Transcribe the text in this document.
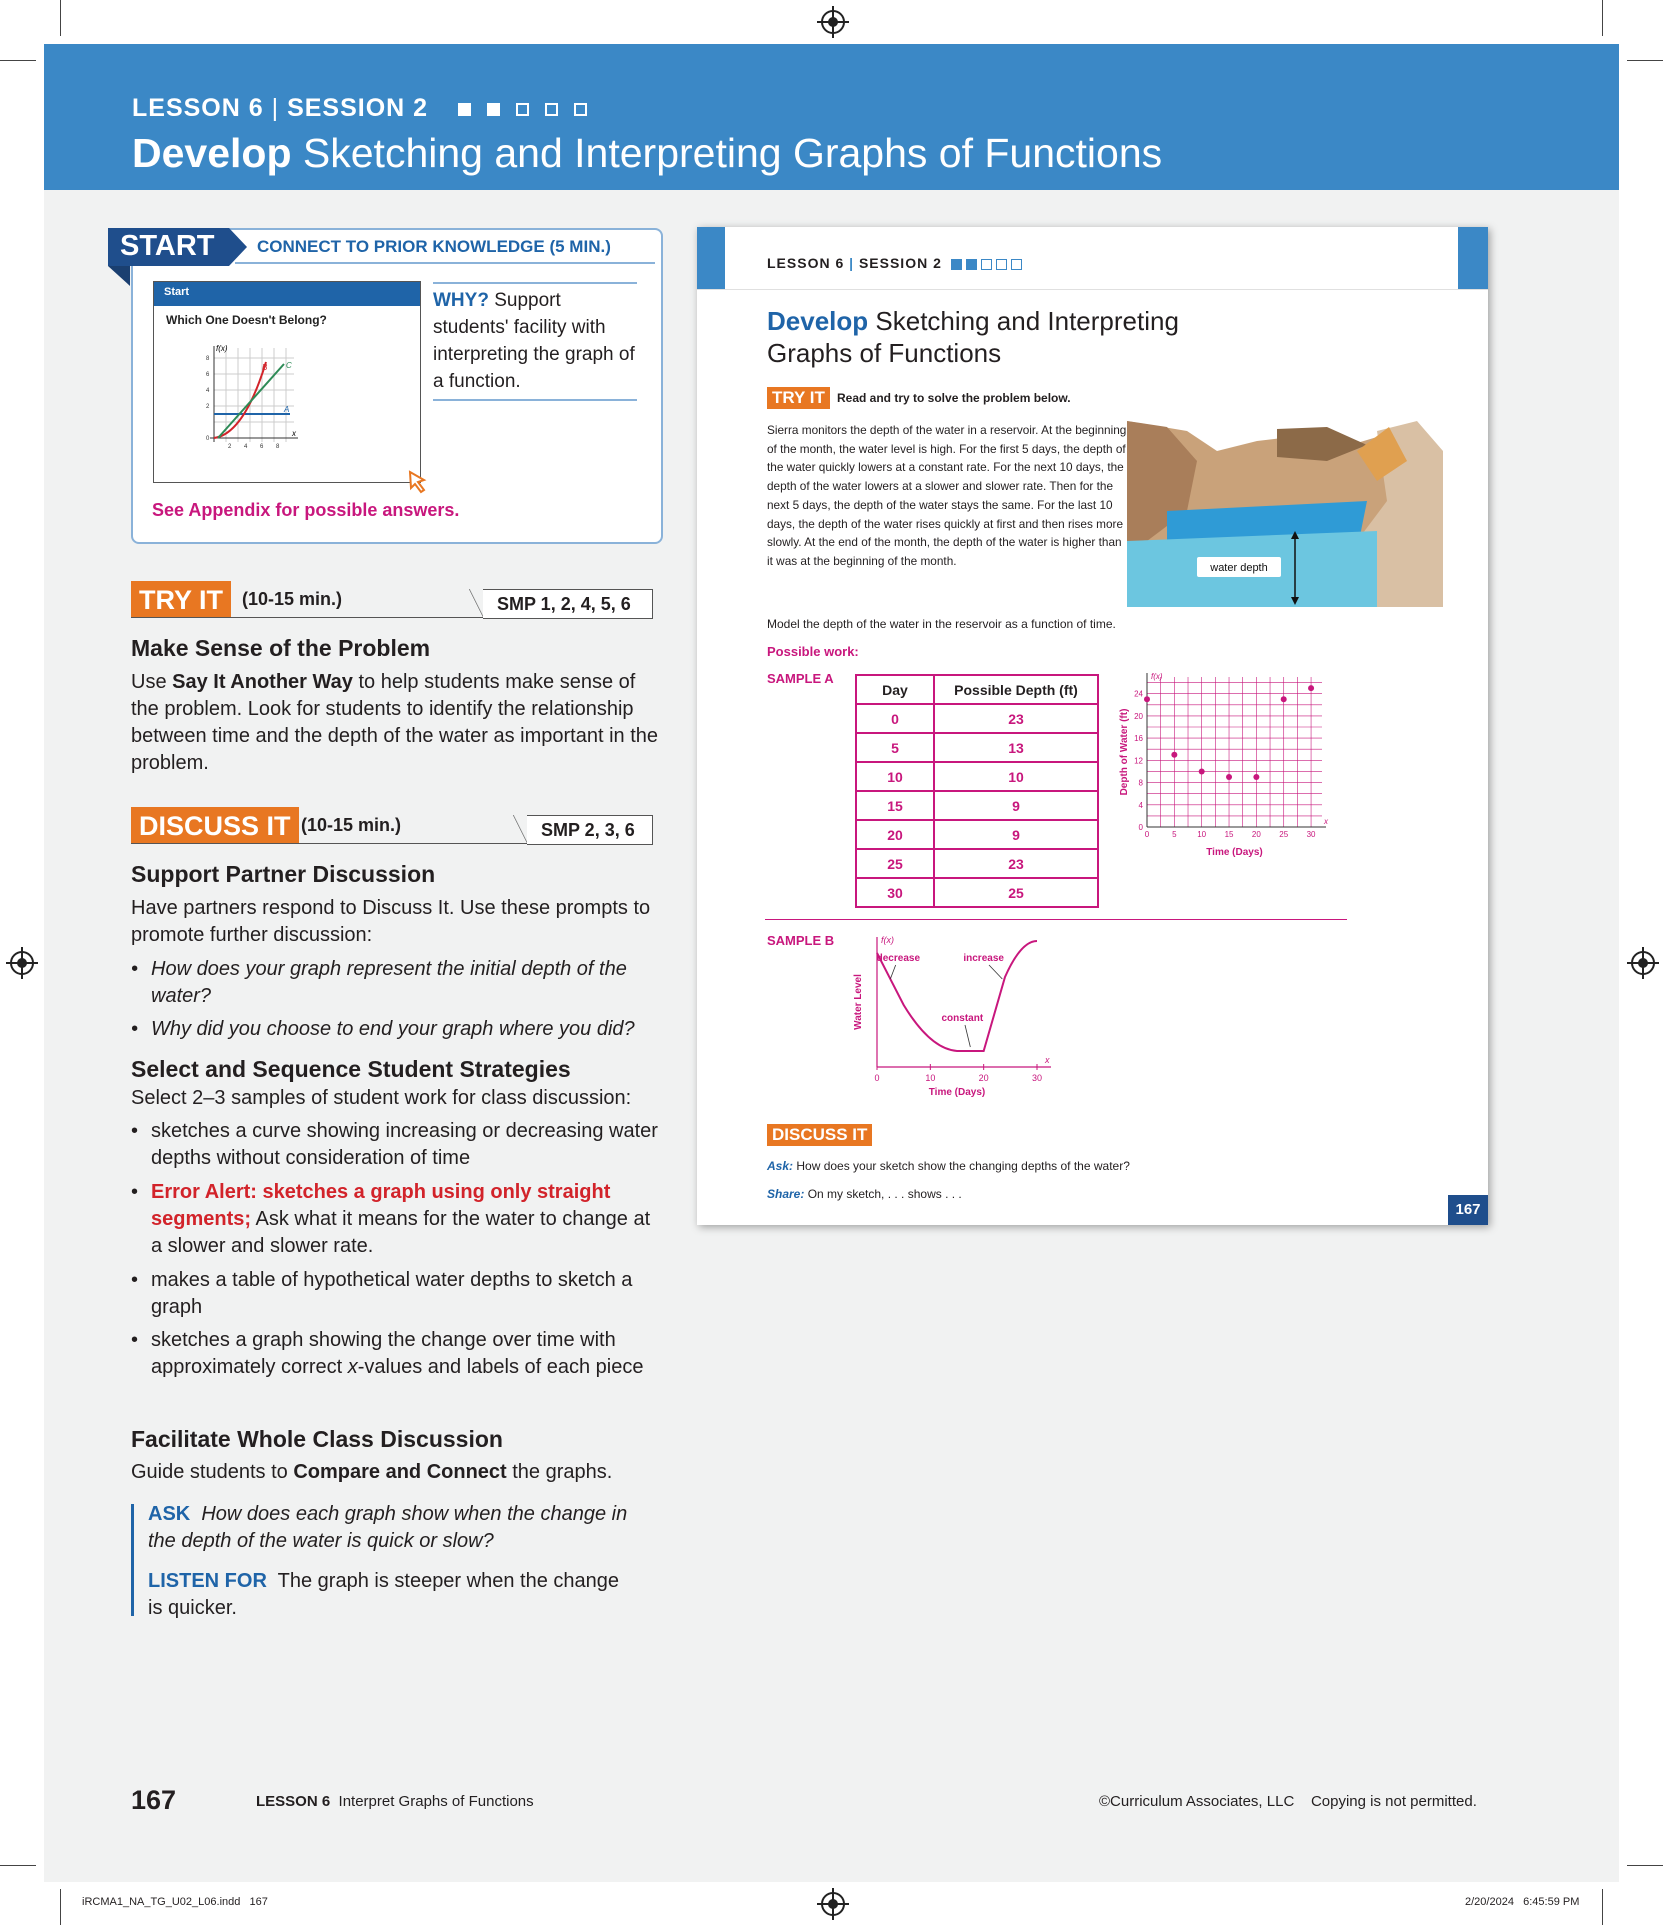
LESSON 6 | SESSION 2
Develop Sketching and Interpreting Graphs of Functions
START	CONNECT TO PRIOR KNOWLEDGE (5 MIN.)
Start
Which One Doesn't Belong?
f(x)
x
8
6
4
2
0
2 4 6 8
A
B C
WHY? Support students' facility with interpreting the graph of a function.
See Appendix for possible answers.
TRY IT	(10-15 min.)	SMP 1, 2, 4, 5, 6
Make Sense of the Problem
Use Say It Another Way to help students make sense of the problem. Look for students to identify the relationship between time and the depth of the water as important in the problem.
DISCUSS IT (10-15 min.)	SMP 2, 3, 6
Support Partner Discussion
Have partners respond to Discuss It. Use these prompts to promote further discussion:
• How does your graph represent the initial depth of the water?
• Why did you choose to end your graph where you did?
Select and Sequence Student Strategies
Select 2–3 samples of student work for class discussion:
• sketches a curve showing increasing or decreasing water depths without consideration of time
• Error Alert: sketches a graph using only straight segments; Ask what it means for the water to change at a slower and slower rate.
• makes a table of hypothetical water depths to sketch a graph
• sketches a graph showing the change over time with approximately correct x-values and labels of each piece
Facilitate Whole Class Discussion
Guide students to Compare and Connect the graphs.
ASK How does each graph show when the change in the depth of the water is quick or slow?
LISTEN FOR The graph is steeper when the change is quicker.
LESSON 6 | SESSION 2
Develop Sketching and Interpreting Graphs of Functions
TRY IT	Read and try to solve the problem below.
Sierra monitors the depth of the water in a reservoir. At the beginning of the month, the water level is high. For the first 5 days, the depth of the water quickly lowers at a constant rate. For the next 10 days, the depth of the water lowers at a slower and slower rate. Then for the next 5 days, the depth of the water stays the same. For the last 10 days, the depth of the water rises quickly at first and then rises more slowly. At the end of the month, the depth of the water is higher than it was at the beginning of the month.
water depth
Model the depth of the water in the reservoir as a function of time.
Possible work:
SAMPLE A
Day	Possible Depth (ft)
0	23
5	13
10	10
15	9
20	9
25	23
30	25
f(x)
x
0	5	10 15 20 25 30
0
4
8
12
16
20
24
Time (Days)
Depth of Water (ft)
SAMPLE B	f(x)
x
0	10	20	30
Time (Days)
Water Level
decrease
constant
increase
DISCUSS IT
Ask: How does your sketch show the changing depths of the water?
Share: On my sketch, . . . shows . . .
167
167	LESSON 6 Interpret Graphs of Functions	©Curriculum Associates, LLC    Copying is not permitted.
iRCMA1_NA_TG_U02_L06.indd   167	2/20/2024   6:45:59 PM
